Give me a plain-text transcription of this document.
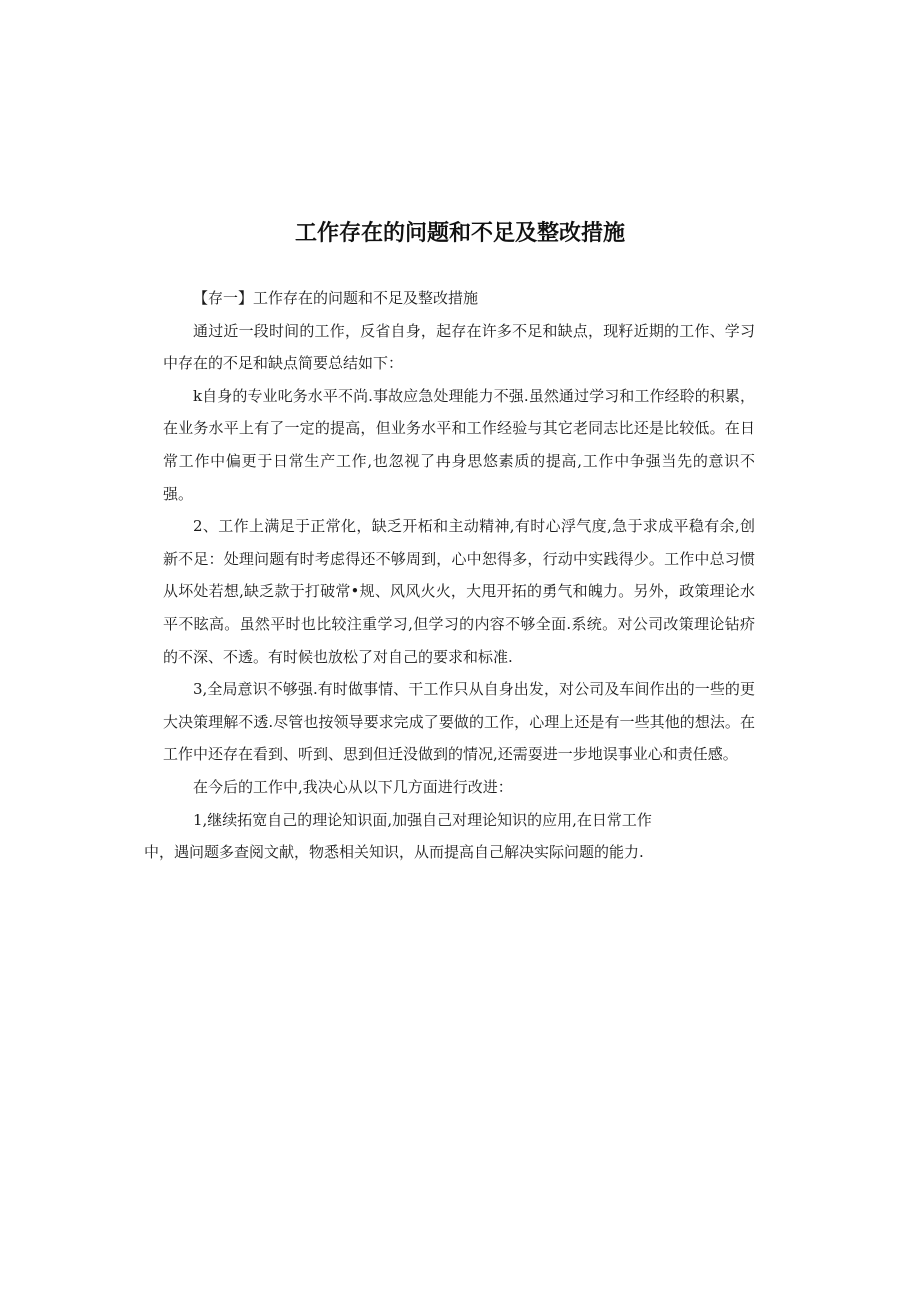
工作存在的问题和不足及整改措施

【存一】工作存在的问题和不足及整改措施

通过近一段时间的工作，反省自身，起存在许多不足和缺点，现籽近期的工作、学习中存在的不足和缺点简要总结如下：

k自身的专业叱务水平不尚.事故应急处理能力不强.虽然通过学习和工作经聆的积累，在业务水平上有了一定的提高，但业务水平和工作经验与其它老同志比还是比较低。在日常工作中偏更于日常生产工作,也忽视了冉身思悠素质的提高,工作中争强当先的意识不强。

2、工作上满足于正常化，缺乏开柘和主动精神,有时心浮气度,急于求成平稳有余,创新不足：处理问题有时考虑得还不够周到，心中恕得多，行动中实践得少。工作中总习惯从坏处若想,缺乏款于打破常•规、风风火火，大甩开拓的勇气和魄力。另外，政策理论水平不眩高。虽然平时也比较注重学习,但学习的内容不够全面.系统。对公司改策理论钻疥的不深、不透。有时候也放松了对自己的要求和标准.

3,全局意识不够强.有时做事情、干工作只从自身出发，对公司及车间作出的一些的更大决策理解不透.尽管也按领导要求完成了要做的工作，心理上还是有一些其他的想法。在工作中还存在看到、听到、思到但迁没做到的情况,还需耍进一步地误事业心和责任感。

在今后的工作中,我决心从以下几方面进行改进：

1,继续拓宽自己的理论知识面,加强自己对理论知识的应用,在日常工作
中，遇问题多查阅文献，物悉相关知识，从而提高自己解决实际问题的能力.
